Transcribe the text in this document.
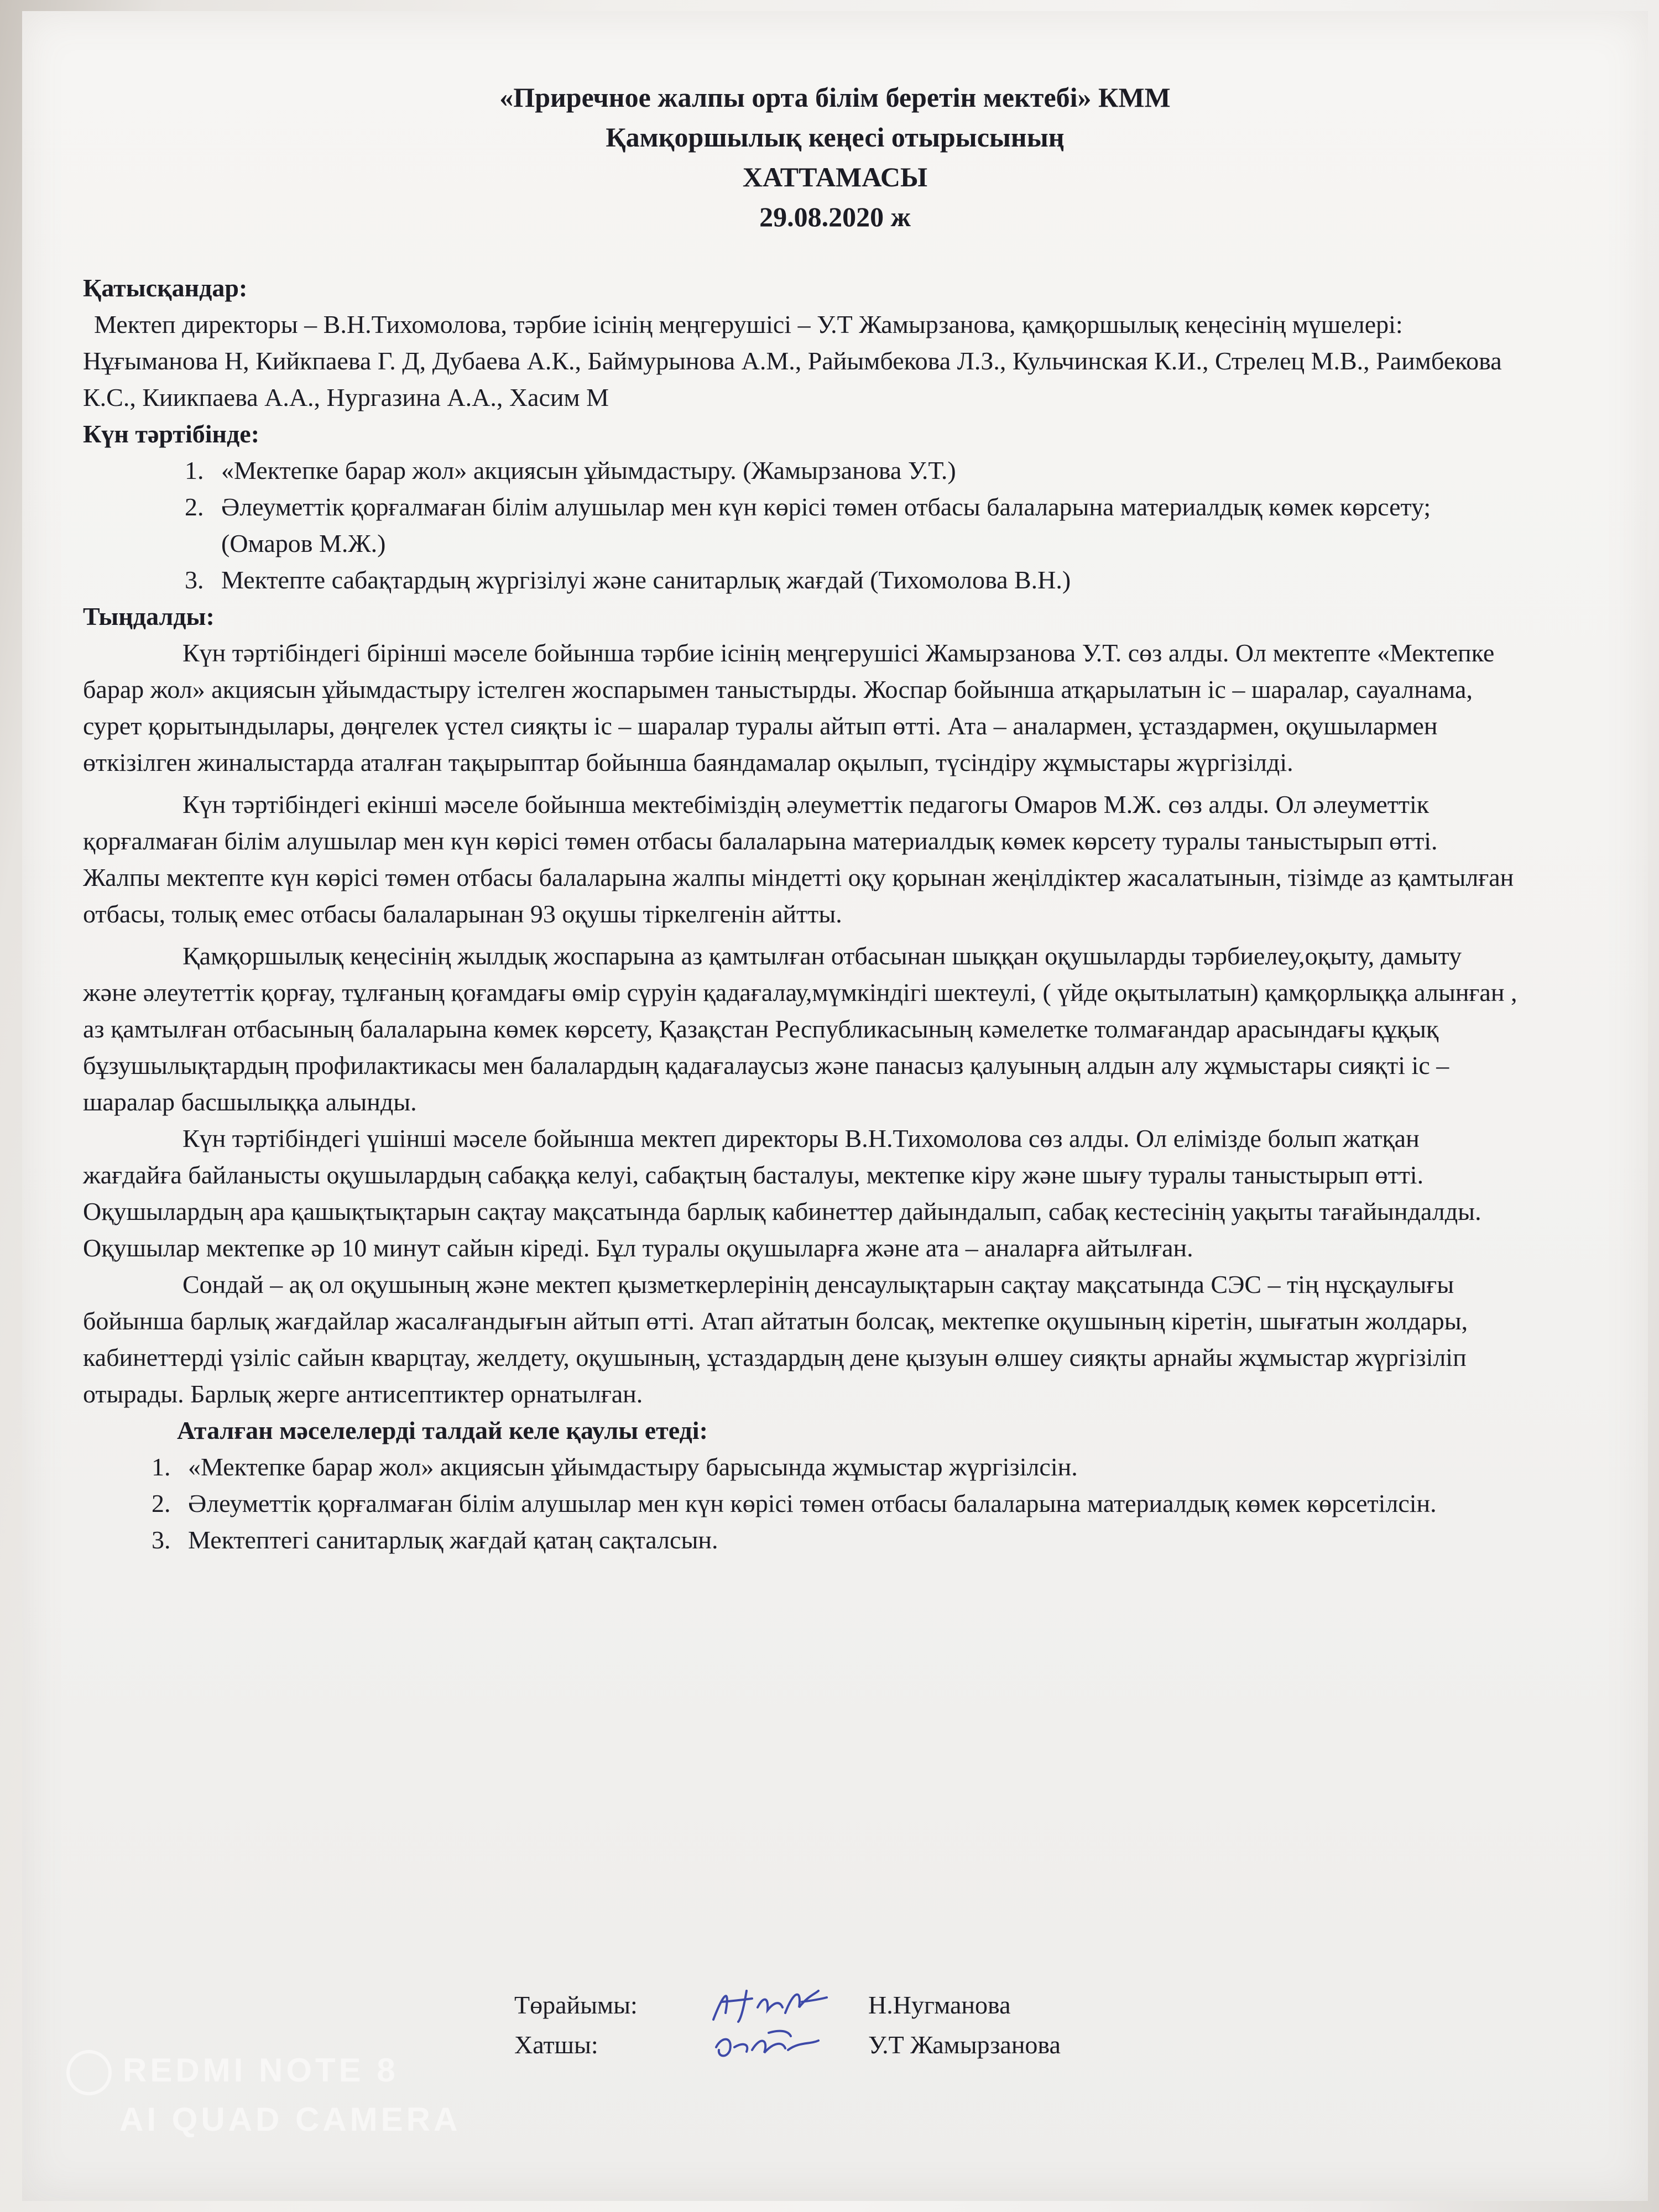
«Приречное жалпы орта білім беретін мектебі» КММ
Қамқоршылық кеңесі отырысының
ХАТТАМАСЫ
29.08.2020 ж
Қатысқандар:

Мектеп директоры – В.Н.Тихомолова, тәрбие ісінің меңгерушісі – У.Т Жамырзанова, қамқоршылық кеңесінің мүшелері: Нұғыманова Н, Кийкпаева Г. Д, Дубаева А.К., Баймурынова А.М., Райымбекова Л.З., Кульчинская К.И., Стрелец М.В., Раимбекова К.С., Киикпаева А.А., Нургазина А.А., Хасим М

Күн тәртібінде:
1. «Мектепке барар жол» акциясын ұйымдастыру. (Жамырзанова У.Т.)
2. Әлеуметтік қорғалмаған білім алушылар мен күн көрісі төмен отбасы балаларына материалдық көмек көрсету; (Омаров М.Ж.)
3. Мектепте сабақтардың жүргізілуі және санитарлық жағдай (Тихомолова В.Н.)
Тыңдалды:

Күн тәртібіндегі бірінші мәселе бойынша тәрбие ісінің меңгерушісі Жамырзанова У.Т. сөз алды. Ол мектепте «Мектепке барар жол» акциясын ұйымдастыру істелген жоспарымен таныстырды. Жоспар бойынша атқарылатын іс – шаралар, сауалнама, сурет қорытындылары, дөңгелек үстел сияқты іс – шаралар туралы айтып өтті. Ата – аналармен, ұстаздармен, оқушылармен өткізілген жиналыстарда аталған тақырыптар бойынша баяндамалар оқылып, түсіндіру жұмыстары жүргізілді.

Күн тәртібіндегі екінші мәселе бойынша мектебіміздің әлеуметтік педагогы Омаров М.Ж. сөз алды. Ол әлеуметтік қорғалмаған білім алушылар мен күн көрісі төмен отбасы балаларына материалдық көмек көрсету туралы таныстырып өтті. Жалпы мектепте күн көрісі төмен отбасы балаларына жалпы міндетті оқу қорынан жеңілдіктер жасалатынын, тізімде аз қамтылған отбасы, толық емес отбасы балаларынан 93 оқушы тіркелгенін айтты.

Қамқоршылық кеңесінің жылдық жоспарына аз қамтылған отбасынан шыққан оқушыларды тәрбиелеу,оқыту, дамыту және әлеутеттік қорғау, тұлғаның қоғамдағы өмір сүруін қадағалау,мүмкіндігі шектеулі, ( үйде оқытылатын) қамқорлыққа алынған , аз қамтылған отбасының балаларына көмек көрсету, Қазақстан Республикасының кәмелетке толмағандар арасындағы құқық бұзушылықтардың профилактикасы мен балалардың қадағалаусыз және панасыз қалуының алдын алу жұмыстары сияқті іс – шаралар басшылыққа алынды.

Күн тәртібіндегі үшінші мәселе бойынша мектеп директоры В.Н.Тихомолова сөз алды. Ол елімізде болып жатқан жағдайға байланысты оқушылардың сабаққа келуі, сабақтың басталуы, мектепке кіру және шығу туралы таныстырып өтті. Оқушылардың ара қашықтықтарын сақтау мақсатында барлық кабинеттер дайындалып, сабақ кестесінің уақыты тағайындалды. Оқушылар мектепке әр 10 минут сайын кіреді. Бұл туралы оқушыларға және ата – аналарға айтылған.

Сондай – ақ ол оқушының және мектеп қызметкерлерінің денсаулықтарын сақтау мақсатында СЭС – тің нұсқаулығы бойынша барлық жағдайлар жасалғандығын айтып өтті. Атап айтатын болсақ, мектепке оқушының кіретін, шығатын жолдары, кабинеттерді үзіліс сайын кварцтау, желдету, оқушының, ұстаздардың дене қызуын өлшеу сияқты арнайы жұмыстар жүргізіліп отырады. Барлық жерге антисептиктер орнатылған.

Аталған мәселелерді талдай келе қаулы етеді:
1. «Мектепке барар жол» акциясын ұйымдастыру барысында жұмыстар жүргізілсін.
2. Әлеуметтік қорғалмаған білім алушылар мен күн көрісі төмен отбасы балаларына материалдық көмек көрсетілсін.
3. Мектептегі санитарлық жағдай қатаң сақталсын.
Төрайымы:	Н.Нугманова
Хатшы:	У.Т Жамырзанова
REDMI NOTE 8
AI QUAD CAMERA
